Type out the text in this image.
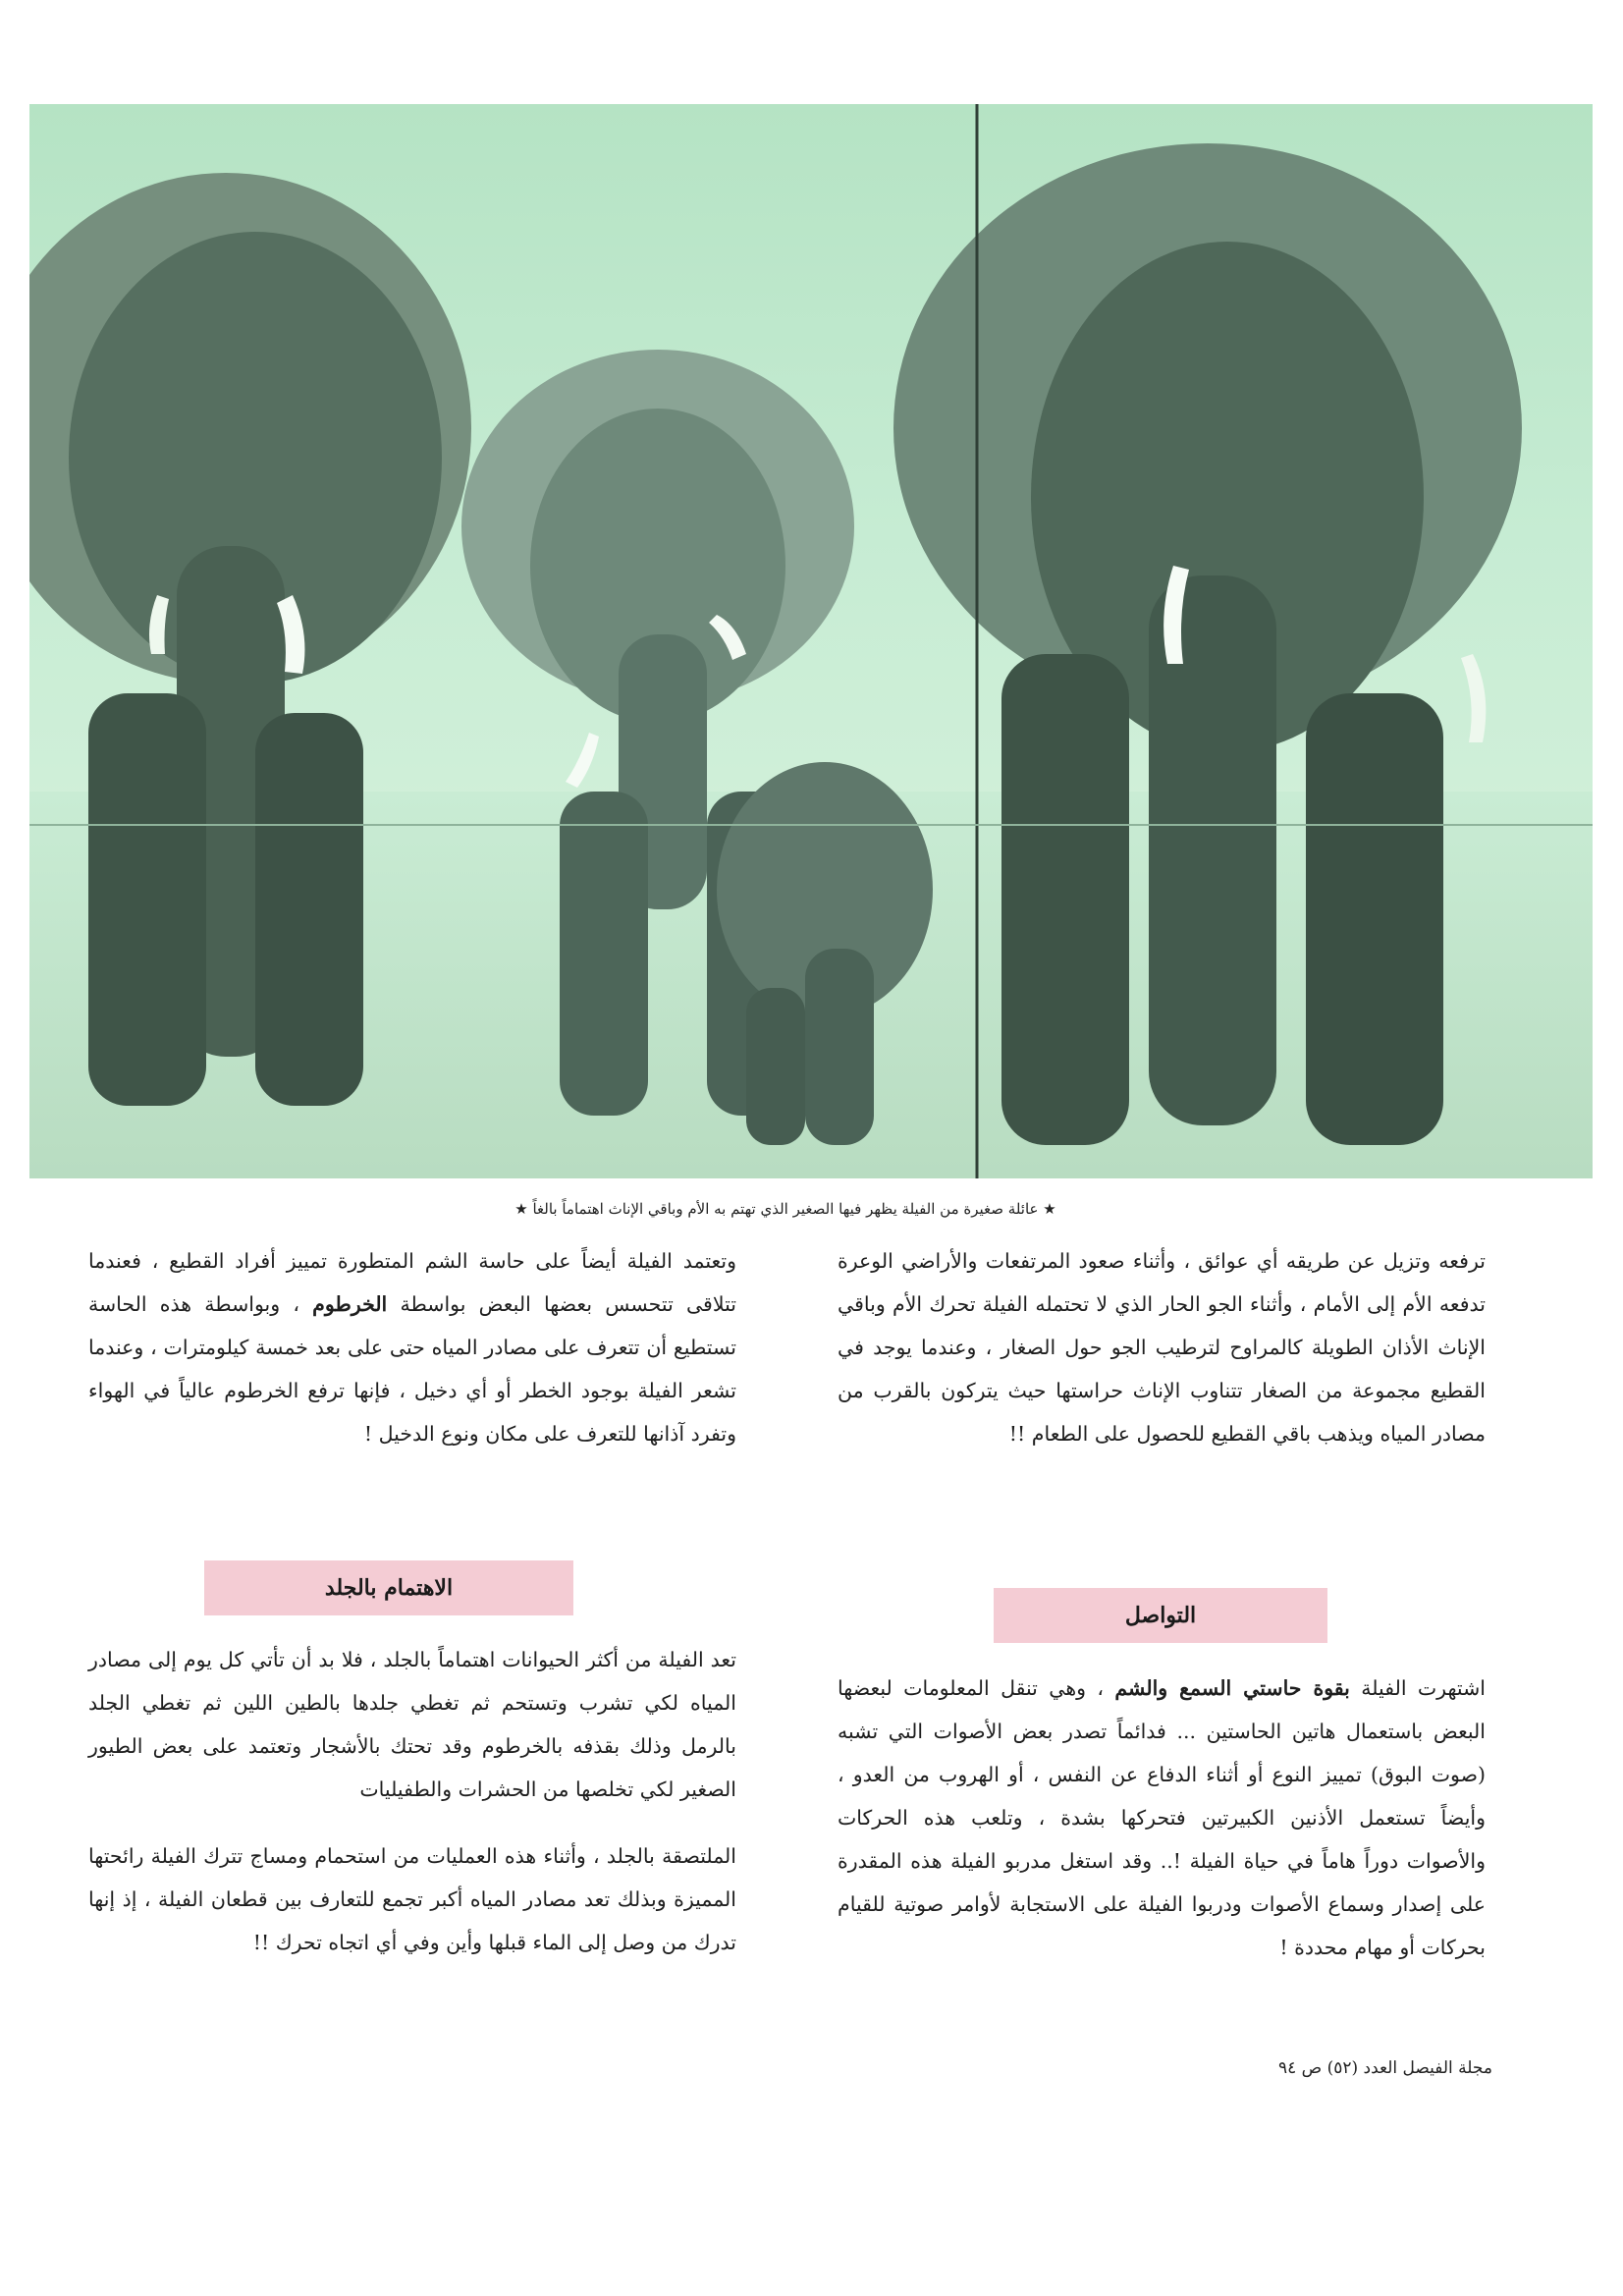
★ عائلة صغيرة من الفيلة يظهر فيها الصغير الذي تهتم به الأم وباقي الإناث اهتماماً بالغاً ★

ترفعه وتزيل عن طريقه أي عوائق ، وأثناء صعود المرتفعات والأراضي الوعرة تدفعه الأم إلى الأمام ، وأثناء الجو الحار الذي لا تحتمله الفيلة تحرك الأم وباقي الإناث الأذان الطويلة كالمراوح لترطيب الجو حول الصغار ، وعندما يوجد في القطيع مجموعة من الصغار تتناوب الإناث حراستها حيث يتركون بالقرب من مصادر المياه ويذهب باقي القطيع للحصول على الطعام !!

وتعتمد الفيلة أيضاً على حاسة الشم المتطورة تمييز أفراد القطيع ، فعندما تتلاقى تتحسس بعضها البعض بواسطة الخرطوم ، وبواسطة هذه الحاسة تستطيع أن تتعرف على مصادر المياه حتى على بعد خمسة كيلومترات ، وعندما تشعر الفيلة بوجود الخطر أو أي دخيل ، فإنها ترفع الخرطوم عالياً في الهواء وتفرد آذانها للتعرف على مكان ونوع الدخيل !

الاهتمام بالجلد
التواصل

تعد الفيلة من أكثر الحيوانات اهتماماً بالجلد ، فلا بد أن تأتي كل يوم إلى مصادر المياه لكي تشرب وتستحم ثم تغطي جلدها بالطين اللين ثم تغطي الجلد بالرمل وذلك بقذفه بالخرطوم وقد تحتك بالأشجار وتعتمد على بعض الطيور الصغير لكي تخلصها من الحشرات والطفيليات

الملتصقة بالجلد ، وأثناء هذه العمليات من استحمام ومساج تترك الفيلة رائحتها المميزة وبذلك تعد مصادر المياه أكبر تجمع للتعارف بين قطعان الفيلة ، إذ إنها تدرك من وصل إلى الماء قبلها وأين وفي أي اتجاه تحرك !!

اشتهرت الفيلة بقوة حاستي السمع والشم ، وهي تنقل المعلومات لبعضها البعض باستعمال هاتين الحاستين ... فدائماً تصدر بعض الأصوات التي تشبه (صوت البوق) تمييز النوع أو أثناء الدفاع عن النفس ، أو الهروب من العدو ، وأيضاً تستعمل الأذنين الكبيرتين فتحركها بشدة ، وتلعب هذه الحركات والأصوات دوراً هاماً في حياة الفيلة !.. وقد استغل مدربو الفيلة هذه المقدرة على إصدار وسماع الأصوات ودربوا الفيلة على الاستجابة لأوامر صوتية للقيام بحركات أو مهام محددة !

مجلة الفيصل العدد (٥٢) ص ٩٤
